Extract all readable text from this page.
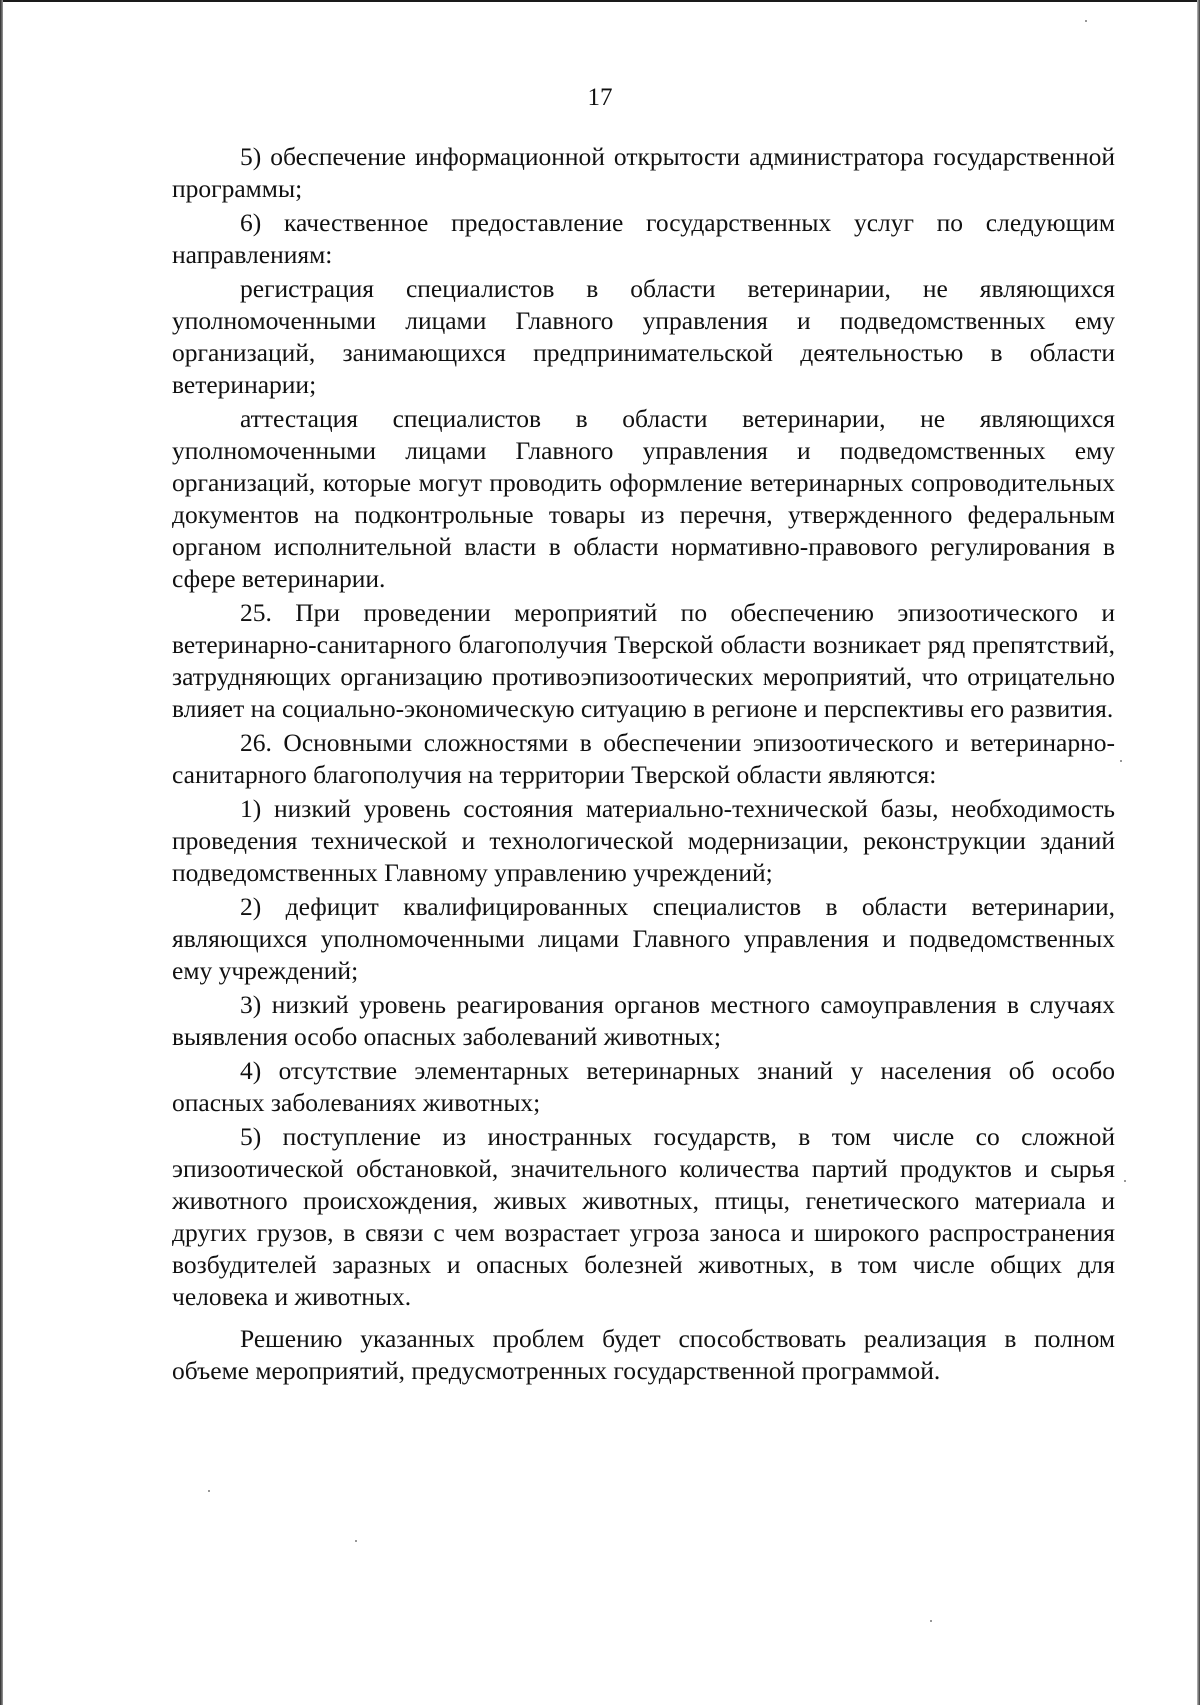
17

5) обеспечение информационной открытости администратора государственной программы;

6) качественное предоставление государственных услуг по следующим направлениям:

регистрация специалистов в области ветеринарии, не являющихся уполномоченными лицами Главного управления и подведомственных ему организаций, занимающихся предпринимательской деятельностью в области ветеринарии;

аттестация специалистов в области ветеринарии, не являющихся уполномоченными лицами Главного управления и подведомственных ему организаций, которые могут проводить оформление ветеринарных сопроводительных документов на подконтрольные товары из перечня, утвержденного федеральным органом исполнительной власти в области нормативно-правового регулирования в сфере ветеринарии.

25. При проведении мероприятий по обеспечению эпизоотического и ветеринарно-санитарного благополучия Тверской области возникает ряд препятствий, затрудняющих организацию противоэпизоотических мероприятий, что отрицательно влияет на социально-экономическую ситуацию в регионе и перспективы его развития.

26. Основными сложностями в обеспечении эпизоотического и ветеринарно-санитарного благополучия на территории Тверской области являются:

1) низкий уровень состояния материально-технической базы, необходимость проведения технической и технологической модернизации, реконструкции зданий подведомственных Главному управлению учреждений;

2) дефицит квалифицированных специалистов в области ветеринарии, являющихся уполномоченными лицами Главного управления и подведомственных ему учреждений;

3) низкий уровень реагирования органов местного самоуправления в случаях выявления особо опасных заболеваний животных;

4) отсутствие элементарных ветеринарных знаний у населения об особо опасных заболеваниях животных;

5) поступление из иностранных государств, в том числе со сложной эпизоотической обстановкой, значительного количества партий продуктов и сырья животного происхождения, живых животных, птицы, генетического материала и других грузов, в связи с чем возрастает угроза заноса и широкого распространения возбудителей заразных и опасных болезней животных, в том числе общих для человека и животных.

Решению указанных проблем будет способствовать реализация в полном объеме мероприятий, предусмотренных государственной программой.
